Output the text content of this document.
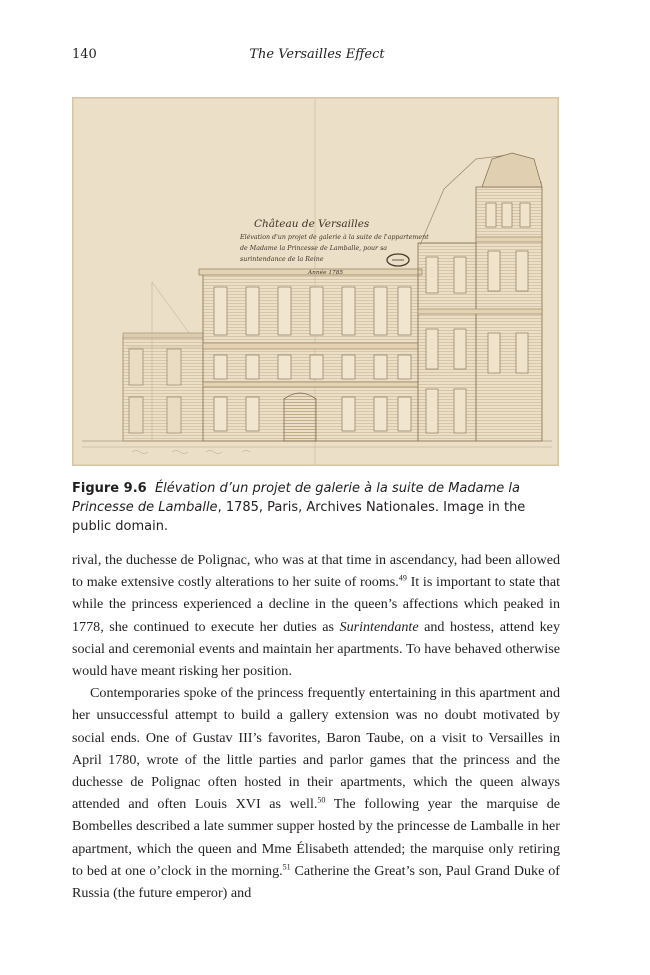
140	The Versailles Effect
Château de Versailles
Elévation d'un projet de galerie à la suite de l'appartement
de Madame la Princesse de Lamballe, pour sa
surintendance de la Reine
Année 1785
Figure 9.6 Élévation d’un projet de galerie à la suite de Madame la Princesse de Lamballe, 1785, Paris, Archives Nationales. Image in the public domain.

rival, the duchesse de Polignac, who was at that time in ascendancy, had been allowed to make extensive costly alterations to her suite of rooms.$^{49}$ It is important to state that while the princess experienced a decline in the queen’s affections which peaked in 1778, she continued to execute her duties as Surintendante and hostess, attend key social and ceremonial events and maintain her apartments. To have behaved otherwise would have meant risking her position.

Contemporaries spoke of the princess frequently entertaining in this apartment and her unsuccessful attempt to build a gallery extension was no doubt motivated by social ends. One of Gustav III’s favorites, Baron Taube, on a visit to Versailles in April 1780, wrote of the little parties and parlor games that the princess and the duchesse de Polignac often hosted in their apartments, which the queen always attended and often Louis XVI as well.$^{50}$ The following year the marquise de Bombelles described a late summer supper hosted by the princesse de Lamballe in her apartment, which the queen and Mme Élisabeth attended; the marquise only retiring to bed at one o’clock in the morning.$^{51}$ Catherine the Great’s son, Paul Grand Duke of Russia (the future emperor) and
